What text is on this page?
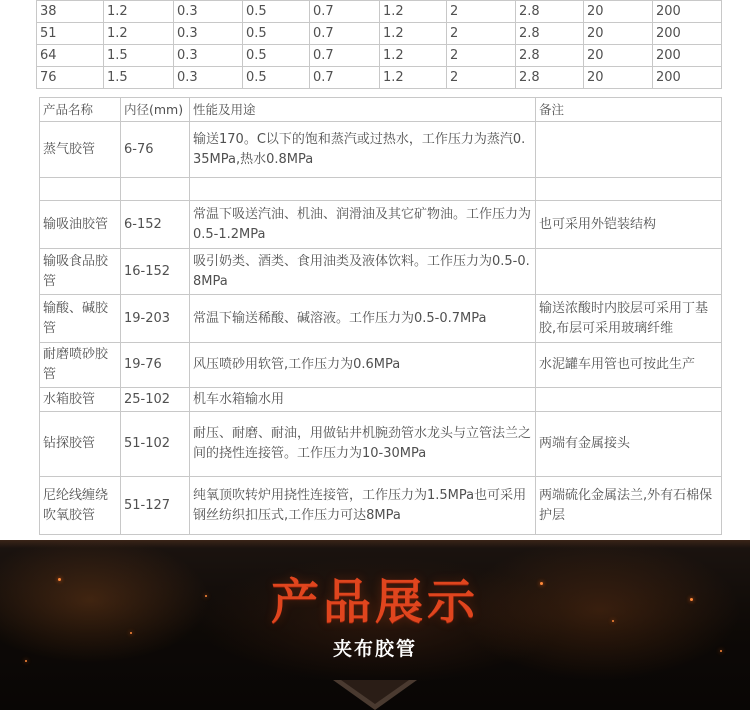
38	1.2	0.3	0.5	0.7	1.2	2	2.8	20	200
51	1.2	0.3	0.5	0.7	1.2	2	2.8	20	200
64	1.5	0.3	0.5	0.7	1.2	2	2.8	20	200
76	1.5	0.3	0.5	0.7	1.2	2	2.8	20	200
产品名称	内径(mm)	性能及用途	备注
蒸气胶管	6-76	输送170。C以下的饱和蒸汽或过热水，工作压力为蒸汽0.35MPa,热水0.8MPa	

输吸油胶管	6-152	常温下吸送汽油、机油、润滑油及其它矿物油。工作压力为0.5-1.2MPa	也可采用外铠装结构
输吸食品胶管	16-152	吸引奶类、酒类、食用油类及液体饮料。工作压力为0.5-0.8MPa	
输酸、碱胶管	19-203	常温下输送稀酸、碱溶液。工作压力为0.5-0.7MPa	输送浓酸时内胶层可采用丁基胶,布层可采用玻璃纤维
耐磨喷砂胶管	19-76	风压喷砂用软管,工作压力为0.6MPa	水泥罐车用管也可按此生产
水箱胶管	25-102	机车水箱输水用	
钻探胶管	51-102	耐压、耐磨、耐油，用做钻井机腕劲管水龙头与立管法兰之间的挠性连接管。工作压力为10-30MPa	两端有金属接头
尼纶线缠绕吹氧胶管	51-127	纯氧顶吹转炉用挠性连接管，工作压力为1.5MPa也可采用钢丝纺织扣压式,工作压力可达8MPa	两端硫化金属法兰,外有石棉保护层
产品展示
夹布胶管
